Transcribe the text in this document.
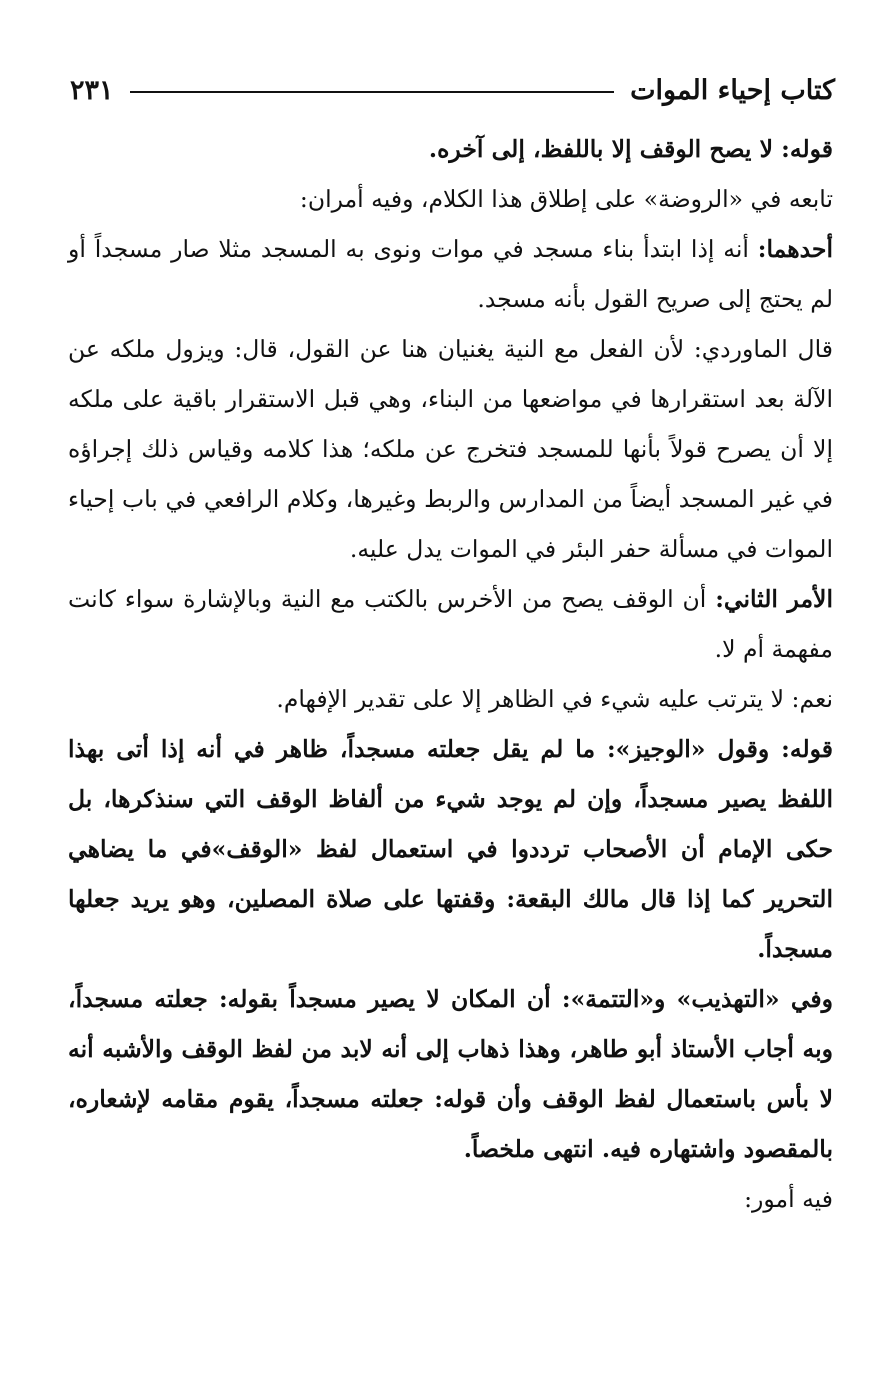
كتاب إحياء الموات
٢٣١

قوله: لا يصح الوقف إلا باللفظ، إلى آخره.

تابعه في «الروضة» على إطلاق هذا الكلام، وفيه أمران:

أحدهما: أنه إذا ابتدأ بناء مسجد في موات ونوى به المسجد مثلا صار مسجداً أو لم يحتج إلى صريح القول بأنه مسجد.

قال الماوردي: لأن الفعل مع النية يغنيان هنا عن القول، قال: ويزول ملكه عن الآلة بعد استقرارها في مواضعها من البناء، وهي قبل الاستقرار باقية على ملكه إلا أن يصرح قولاً بأنها للمسجد فتخرج عن ملكه؛ هذا كلامه وقياس ذلك إجراؤه في غير المسجد أيضاً من المدارس والربط وغيرها، وكلام الرافعي في باب إحياء الموات في مسألة حفر البئر في الموات يدل عليه.

الأمر الثاني: أن الوقف يصح من الأخرس بالكتب مع النية وبالإشارة سواء كانت مفهمة أم لا.

نعم: لا يترتب عليه شيء في الظاهر إلا على تقدير الإفهام.

قوله: وقول «الوجيز»: ما لم يقل جعلته مسجداً، ظاهر في أنه إذا أتى بهذا اللفظ يصير مسجداً، وإن لم يوجد شيء من ألفاظ الوقف التي سنذكرها، بل حكى الإمام أن الأصحاب ترددوا في استعمال لفظ «الوقف»في ما يضاهي التحرير كما إذا قال مالك البقعة: وقفتها على صلاة المصلين، وهو يريد جعلها مسجداً.

وفي «التهذيب» و«التتمة»: أن المكان لا يصير مسجداً بقوله: جعلته مسجداً، وبه أجاب الأستاذ أبو طاهر، وهذا ذهاب إلى أنه لابد من لفظ الوقف والأشبه أنه لا بأس باستعمال لفظ الوقف وأن قوله: جعلته مسجداً، يقوم مقامه لإشعاره، بالمقصود واشتهاره فيه. انتهى ملخصاً.

فيه أمور:
